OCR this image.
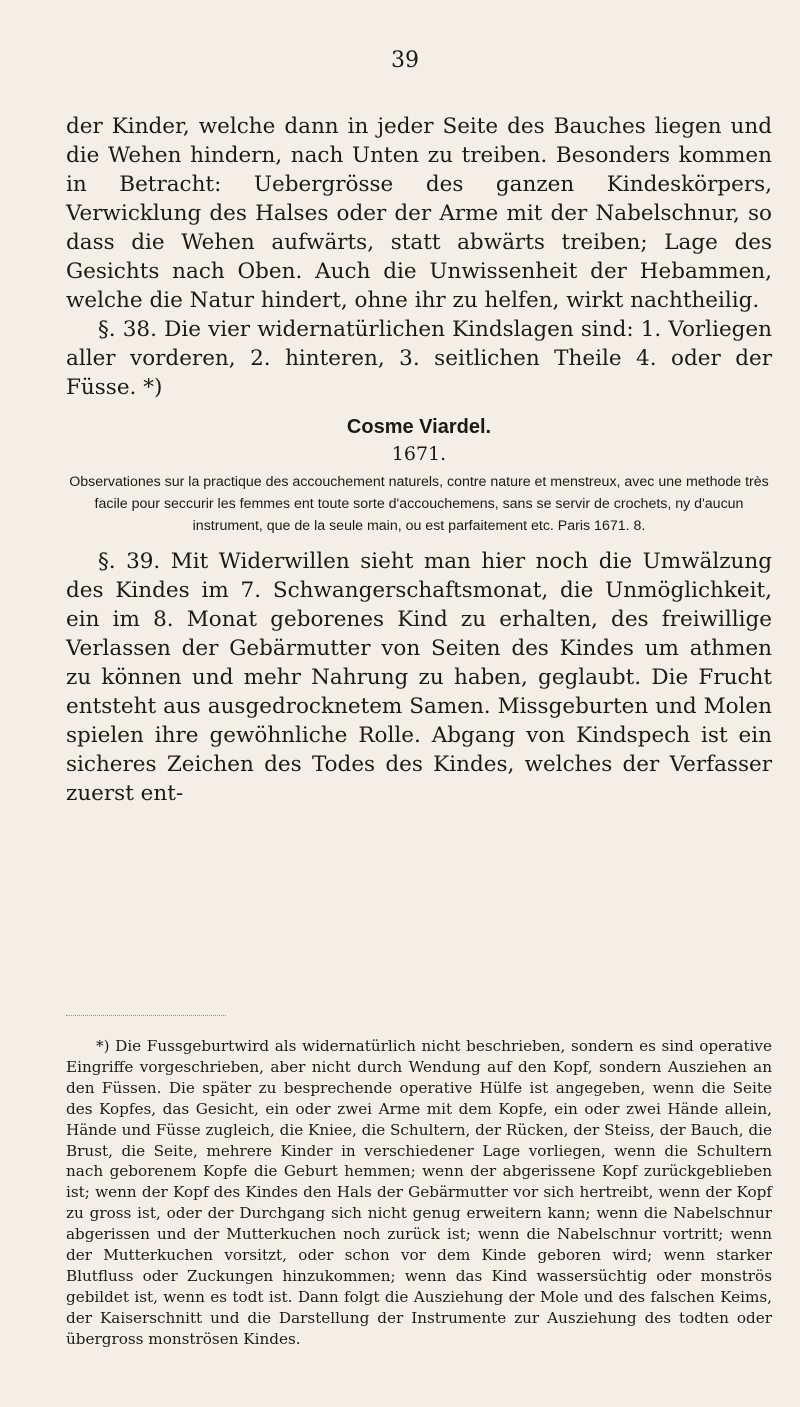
39

der Kinder, welche dann in jeder Seite des Bauches liegen und die Wehen hindern, nach Unten zu treiben. Besonders kommen in Betracht: Uebergrösse des ganzen Kindeskörpers, Verwicklung des Halses oder der Arme mit der Nabelschnur, so dass die Wehen aufwärts, statt abwärts treiben; Lage des Gesichts nach Oben. Auch die Unwissenheit der Hebammen, welche die Natur hindert, ohne ihr zu helfen, wirkt nachtheilig.

§. 38. Die vier widernatürlichen Kindslagen sind: 1. Vorliegen aller vorderen, 2. hinteren, 3. seitlichen Theile 4. oder der Füsse. *)

Cosme Viardel.
1671.
Observationes sur la practique des accouchement naturels, contre nature et menstreux, avec une methode très facile pour seccurir les femmes ent toute sorte d'accouchemens, sans se servir de crochets, ny d'aucun instrument, que de la seule main, ou est parfaitement etc. Paris 1671. 8.

§. 39. Mit Widerwillen sieht man hier noch die Umwälzung des Kindes im 7. Schwangerschaftsmonat, die Unmöglichkeit, ein im 8. Monat geborenes Kind zu erhalten, des freiwillige Verlassen der Gebärmutter von Seiten des Kindes um athmen zu können und mehr Nahrung zu haben, geglaubt. Die Frucht entsteht aus ausgedrocknetem Samen. Missgeburten und Molen spielen ihre gewöhnliche Rolle. Abgang von Kindspech ist ein sicheres Zeichen des Todes des Kindes, welches der Verfasser zuerst ent-

*) Die Fussgeburtwird als widernatürlich nicht beschrieben, sondern es sind operative Eingriffe vorgeschrieben, aber nicht durch Wendung auf den Kopf, sondern Ausziehen an den Füssen. Die später zu besprechende operative Hülfe ist angegeben, wenn die Seite des Kopfes, das Gesicht, ein oder zwei Arme mit dem Kopfe, ein oder zwei Hände allein, Hände und Füsse zugleich, die Kniee, die Schultern, der Rücken, der Steiss, der Bauch, die Brust, die Seite, mehrere Kinder in verschiedener Lage vorliegen, wenn die Schultern nach geborenem Kopfe die Geburt hemmen; wenn der abgerissene Kopf zurückgeblieben ist; wenn der Kopf des Kindes den Hals der Gebärmutter vor sich hertreibt, wenn der Kopf zu gross ist, oder der Durchgang sich nicht genug erweitern kann; wenn die Nabelschnur abgerissen und der Mutterkuchen noch zurück ist; wenn die Nabelschnur vortritt; wenn der Mutterkuchen vorsitzt, oder schon vor dem Kinde geboren wird; wenn starker Blutfluss oder Zuckungen hinzukommen; wenn das Kind wassersüchtig oder monströs gebildet ist, wenn es todt ist. Dann folgt die Ausziehung der Mole und des falschen Keims, der Kaiserschnitt und die Darstellung der Instrumente zur Ausziehung des todten oder übergross monströsen Kindes.
